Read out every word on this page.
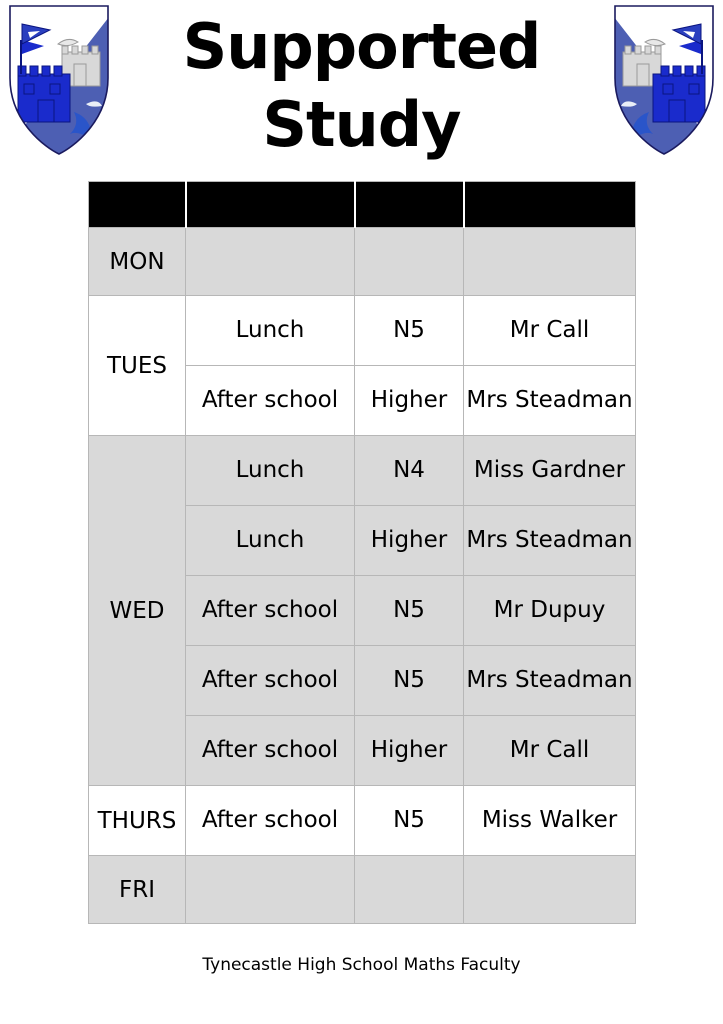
Supported
Study
DAY	TIME	LEVEL	TEACHER
MON	

TUES	Lunch	N5	Mr Call

	After school	Higher	Mrs Steadman

WED	Lunch	N4	Miss Gardner

	Lunch	Higher	Mrs Steadman

	After school	N5	Mr Dupuy

	After school	N5	Mrs Steadman

	After school	Higher	Mr Call

THURS	After school	N5	Miss Walker

FRI	

Tynecastle High School Maths Faculty
